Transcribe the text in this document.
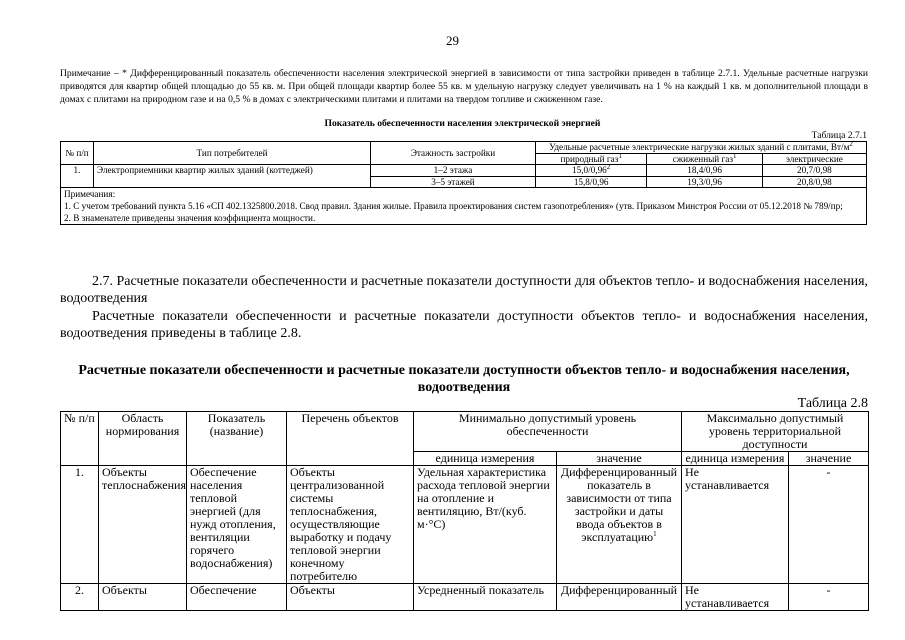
29
Примечание – * Дифференцированный показатель обеспеченности населения электрической энергией в зависимости от типа застройки приведен в таблице 2.7.1. Удельные расчетные нагрузки приводятся для квартир общей площадью до 55 кв. м. При общей площади квартир более 55 кв. м удельную нагрузку следует увеличивать на 1 % на каждый 1 кв. м дополнительной площади в домах с плитами на природном газе и на 0,5 % в домах с электрическими плитами и плитами на твердом топливе и сжиженном газе.
Показатель обеспеченности населения электрической энергией
Таблица 2.7.1
№ п/п	Тип потребителей	Этажность застройки	Удельные расчетные электрические нагрузки жилых зданий с плитами, $Вт/м^2$
			природный газ$^1$	сжиженный газ$^1$	электрические
1.	Электроприемники квартир жилых зданий (коттеджей)	1–2 этажа	15,0/0,96$^2$	18,4/0,96	20,7/0,98
		3–5 этажей	15,8/0,96	19,3/0,96	20,8/0,98

Примечания:
1. С учетом требований пункта 5.16 «СП 402.1325800.2018. Свод правил. Здания жилые. Правила проектирования систем газопотребления» (утв. Приказом Минстроя России от 05.12.2018 № 789/пр;
2. В знаменателе приведены значения коэффициента мощности.					
2.7. Расчетные показатели обеспеченности и расчетные показатели доступности для объектов тепло- и водоснабжения населения, водоотведения
Расчетные показатели обеспеченности и расчетные показатели доступности объектов тепло- и водоснабжения населения, водоотведения приведены в таблице 2.8.
Расчетные показатели обеспеченности и расчетные показатели доступности объектов тепло- и водоснабжения населения, водоотведения
Таблица 2.8
№ п/п	Область нормирования	Показатель (название)	Перечень объектов	Минимально допустимый уровень обеспеченности		Максимально допустимый уровень территориальной доступности	
				единица измерения	значение	единица измерения	значение
1.	Объекты теплоснабжения	Обеспечение населения тепловой энергией (для нужд отопления, вентиляции горячего водоснабжения)	Объекты централизованной системы теплоснабжения, осуществляющие выработку и подачу тепловой энергии конечному потребителю	Удельная характеристика расхода тепловой энергии на отопление и вентиляцию, Вт/(куб. м·°С)	Дифференцированный показатель в зависимости от типа застройки и даты ввода объектов в эксплуатацию$^1$	Не устанавливается	-
2.	Объекты	Обеспечение	Объекты	Усредненный показатель	Дифференцированный	Не устанавливается	-
